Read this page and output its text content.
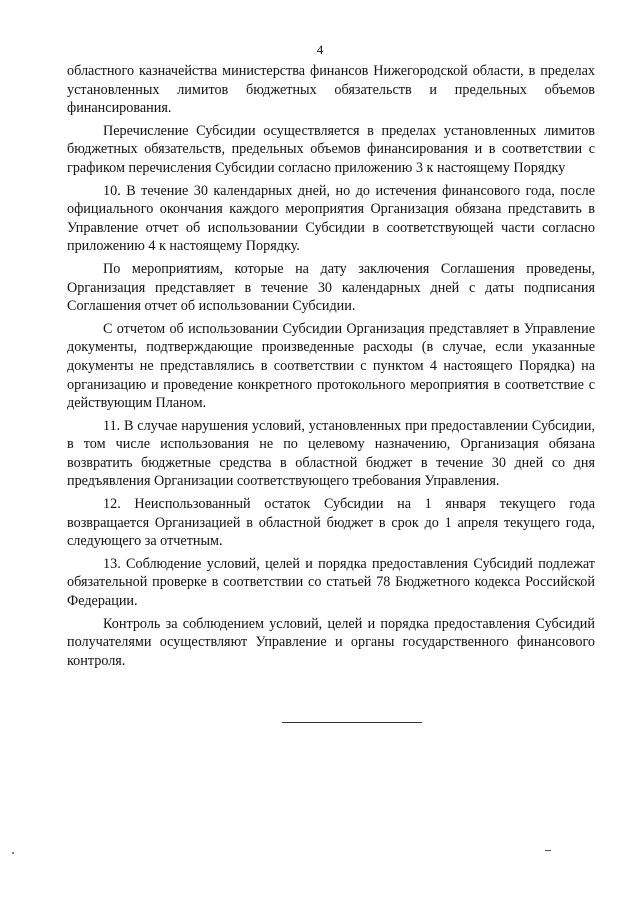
4

областного казначейства министерства финансов Нижегородской области, в пределах установленных лимитов бюджетных обязательств и предельных объемов финансирования.

Перечисление Субсидии осуществляется в пределах установленных лимитов бюджетных обязательств, предельных объемов финансирования и в соответствии с графиком перечисления Субсидии согласно приложению 3 к настоящему Порядку

10. В течение 30 календарных дней, но до истечения финансового года, после официального окончания каждого мероприятия Организация обязана представить в Управление отчет об использовании Субсидии в соответствующей части согласно приложению 4 к настоящему Порядку.

По мероприятиям, которые на дату заключения Соглашения проведены, Организация представляет в течение 30 календарных дней с даты подписания Соглашения отчет об использовании Субсидии.

С отчетом об использовании Субсидии Организация представляет в Управление документы, подтверждающие произведенные расходы (в случае, если указанные документы не представлялись в соответствии с пунктом 4 настоящего Порядка) на организацию и проведение конкретного протокольного мероприятия в соответствие с действующим Планом.

11. В случае нарушения условий, установленных при предоставлении Субсидии, в том числе использования не по целевому назначению, Организация обязана возвратить бюджетные средства в областной бюджет в течение 30 дней со дня предъявления Организации соответствующего требования Управления.

12. Неиспользованный остаток Субсидии на 1 января текущего года возвращается Организацией в областной бюджет в срок до 1 апреля текущего года, следующего за отчетным.

13. Соблюдение условий, целей и порядка предоставления Субсидий подлежат обязательной проверке в соответствии со статьей 78 Бюджетного кодекса Российской Федерации.

Контроль за соблюдением условий, целей и порядка предоставления Субсидий получателями осуществляют Управление и органы государственного финансового контроля.
